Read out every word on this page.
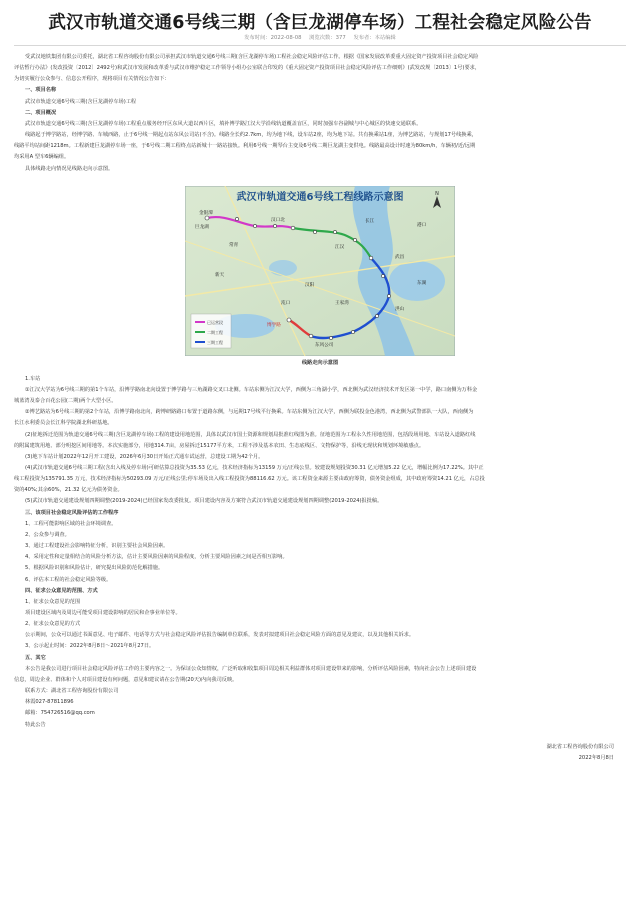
武汉市轨道交通6号线三期（含巨龙湖停车场）工程社会稳定风险公告
发布时间：2022-08-08 浏览次数：377 发布者：本站编辑

受武汉地铁集团有限公司委托，湖北省工程咨询股份有限公司承担武汉市轨道交通6号线三期(含巨龙湖停车场)工程社会稳定风险评估工作。根据《国家发展改革委重大固定资产投资项目社会稳定风险

评估暂行办法》(发改投资〔2012〕2492号)和武汉市发展和改革委与武汉市维护稳定工作领导小组办公室联合印发的《重大固定资产投资项目社会稳定风险评估工作细则》(武发改规〔2013〕1号)要求，

为切实履行公众参与、信息公开程序，现将项目有关情况公告如下：

一、项目名称

武汉市轨道交通6号线三期(含巨龙湖停车场)工程

二、项目概况

武汉市轨道交通6号线三期(含巨龙湖停车场)工程重点服务经开区东风大道以西片区，填补博学路江汉大学沿线轨道覆盖盲区，同时加强车谷副城与中心城区的快速交通联系。

线路起于博学路站，经博学路、车城西路，止于6号线一期起点站东风公司站(不含)。线路全长约2.7km，均为地下线，设车站2座，均为地下站。共有换乘站1座，为博艺路站，与规划17号线换乘，

线路平均站间距1218m。工程新建巨龙湖停车场一座，于6号线二期工程终点站新城十一路站接轨。利用6号线一期琴台主变及6号线二期巨龙湖主变供电。线路最高设计时速为80km/h，车辆初/近/远期

均采用A 型车6辆编组。

具体线路走向情况见线路走向示意图。

武汉市轨道交通6号线工程线路示意图	N
金银潭
汉口北
常青
汉阳
江汉
东湖
武昌
王家湾
新天
洪山
沌口
博学路
东风公司
巨龙湖	港口
长江
已运营段
二期工程
三期工程
线路走向示意图

1.车站

①江汉大学站为6号线三期的第1个车站，沿博学路南北向设置于博学路与三角湖路交叉口北侧。车站东侧为江汉大学，西侧为三角湖小学，西北侧为武汉经济技术开发区第一中学，路口南侧为万科金

城蓝湾及泰合百花公园(二期)两个大型小区。

②博艺路站为6号线三期的第2个车站，沿博学路南北向，跨博研路路口布置于道路东侧，与远期17号线平行换乘。车站东侧为江汉大学，西侧为联投金色港湾，西北侧为武警部队一大队，西南侧为

长江水利委员会长江科学院湖北科研基地。

(2)征地拆迁范围为轨道交通6号线三期(含巨龙湖停车场)工程的建设用地范围，具体以武汉市国土资源和规划局批准红线图为准。征地范围为工程永久性用地范围，包括段场用地、车站设入道路红线

的附属建筑用地、部分明挖区间用地等。本次实施部分，用地314.7亩，房屋拆迁15177平方米，工程不涉及基本农田、生态底线区、文物保护等，沿线无现状和规划环境敏感点。

(3)地下车站计划2022年12月开工建设，2026年6月30日开始正式通车试运营，总建设工期为42个月。

(4)武汉市轨道交通6号线三期工程(含出入线及停车场)可研估算总投资为35.53 亿元，技术经济指标为13159 万元/正线公里。较建设规划投资30.31 亿元增加5.22 亿元，增幅比例为17.22%。其中正

线工程投资为135791.35 万元，技术经济指标为50293.09 万元/正线公里;停车场及出入线工程投资为88116.62 万元。该工程资金来源主要由政府筹资，债务资金组成，其中政府筹资14.21 亿元，占总投

资的40%;其余60%，21.32 亿元为债务资金。

(5)武汉市轨道交通建设规划四期调整(2019-2024)已经国家发改委批复。项目建设内容及方案符合武汉市轨道交通建设规划四期调整(2019-2024)报批稿。

三、该项目社会稳定风险评估的工作程序

1、工程可能影响区域的社会环境调查。

2、公众参与调查。

3、通过工程建设社会影响特征分析，识别主要社会风险因素。

4、采用定性和定量相结合的风险分析方法，估计主要风险因素的风险程度，分析主要风险因素之间是否相互影响。

5、根据风险识别和风险估计，研究提出风险防范化解措施。

6、评估本工程的社会稳定风险等级。

四、征求公众意见的范围、方式

1、征求公众意见的范围

项目建设区域内及周边可能受项目建设影响的居民和企事业单位等。

2、征求公众意见的方式

公示期间，公众可以通过书面意见、电子邮件、电话等方式与社会稳定风险评估报告编制单位联系，发表对拟建项目社会稳定风险方面的意见及建议，以及其他相关诉求。

3、公示起止时间：2022年8月8日～2021年8月27日。

五、其它

本公告是我公司进行项目社会稳定风险评估工作的主要内容之一。为保证公众知情权，广泛听取和收集项目周边相关利益群体对项目建设带来的影响，分析评估风险因素，特向社会公告上述项目建设

信息，周边企业、群体和个人对项目建设有何问题，意见和建议请在公告期(20天)内向我司反映。

联系方式：湖北省工程咨询股份有限公司

林霞027-87811896

邮箱：754726516@qq.com

特此公告

湖北省工程咨询股份有限公司

2022年8月8日
